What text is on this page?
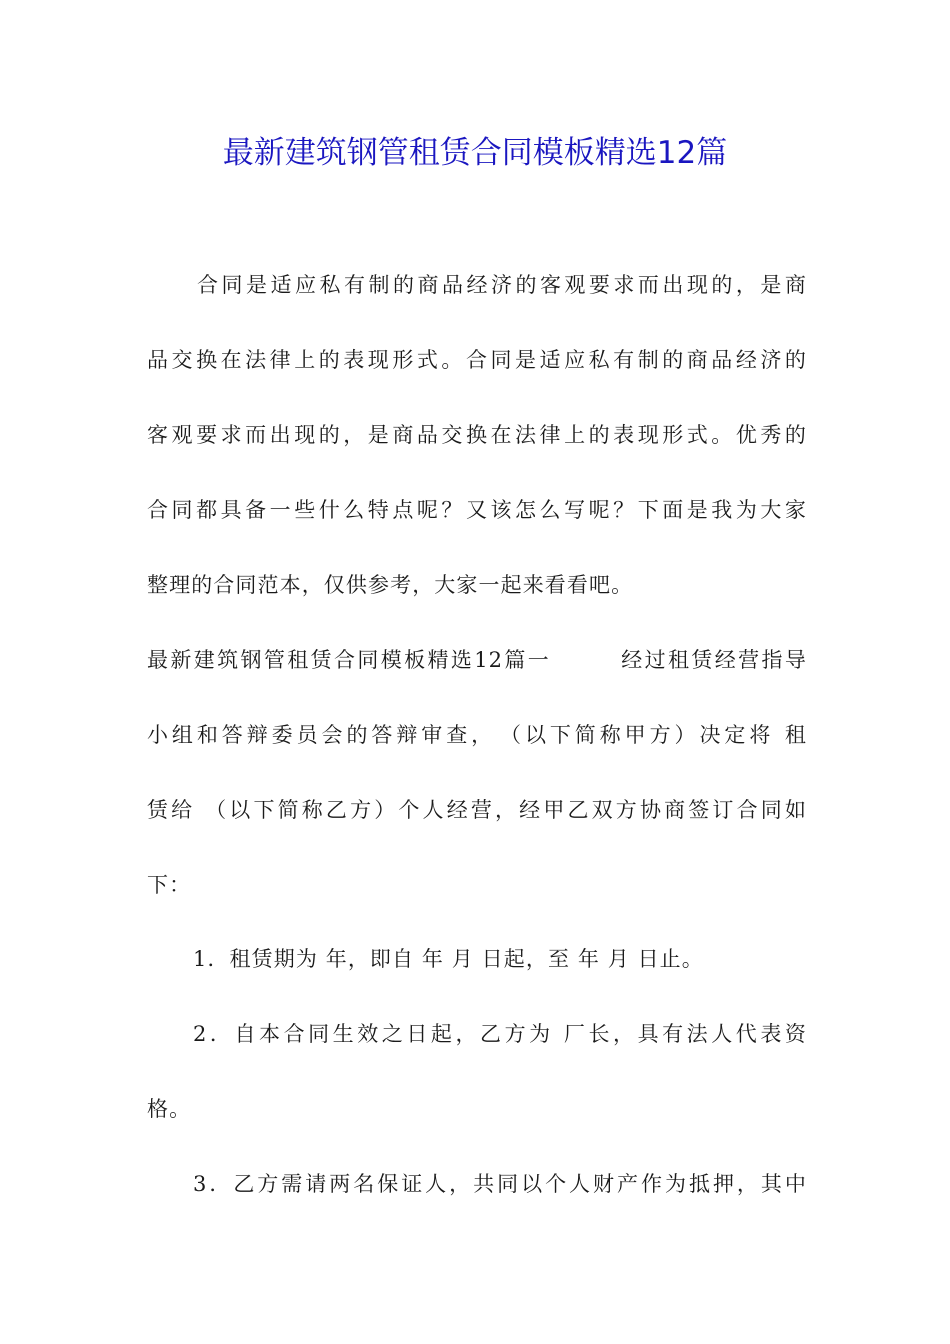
最新建筑钢管租赁合同模板精选12篇
合同是适应私有制的商品经济的客观要求而出现的，是商
品交换在法律上的表现形式。合同是适应私有制的商品经济的
客观要求而出现的，是商品交换在法律上的表现形式。优秀的
合同都具备一些什么特点呢？又该怎么写呢？下面是我为大家
整理的合同范本，仅供参考，大家一起来看看吧。
最新建筑钢管租赁合同模板精选12篇一　　　经过租赁经营指导
小组和答辩委员会的答辩审查，　（以下简称甲方）决定将 租
赁给 （以下简称乙方）个人经营，经甲乙双方协商签订合同如
下：
1．租赁期为 年，即自 年 月 日起，至 年 月 日止。
2．自本合同生效之日起，乙方为 厂长，具有法人代表资
格。
3．乙方需请两名保证人，共同以个人财产作为抵押，其中
